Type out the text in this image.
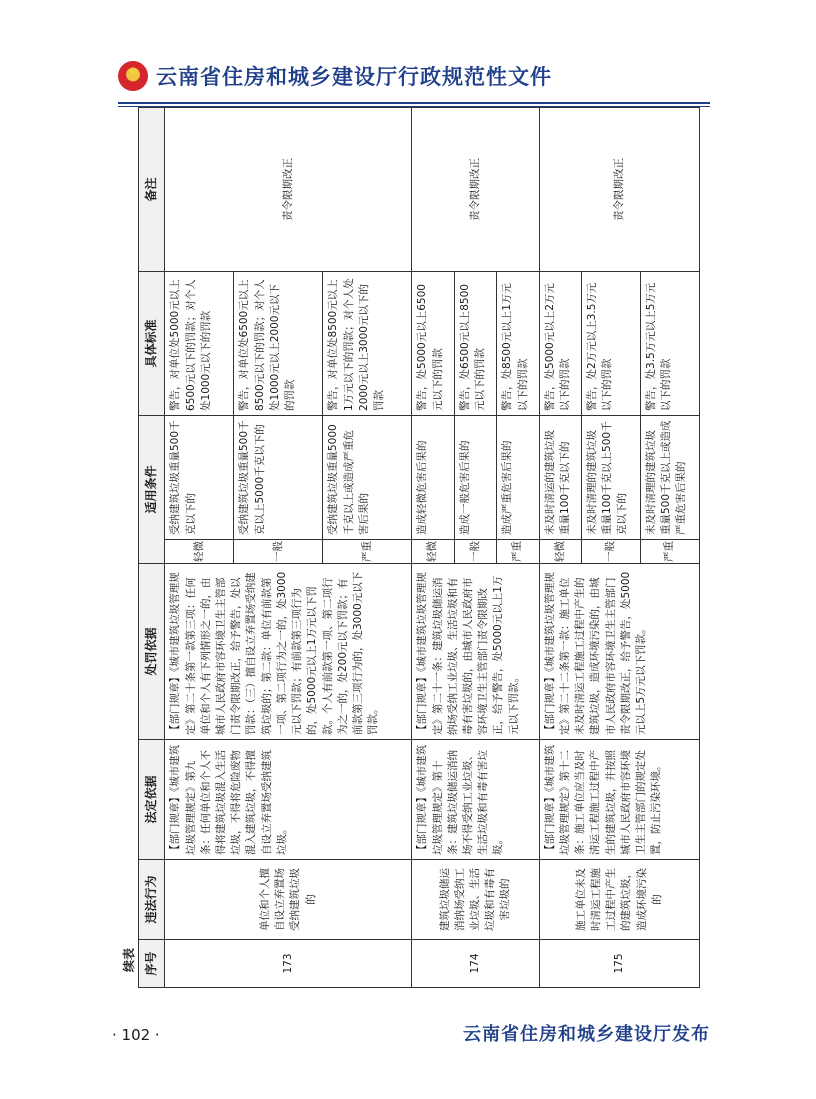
★
云南省住房和城乡建设厅行政规范性文件
续表 序号	违法行为	法定依据	处罚依据	适用条件		具体标准	备注
173	单位和个人擅自设立弃置场受纳建筑垃圾的	【部门规章】《城市建筑垃圾管理规定》第九条：任何单位和个人不得将建筑垃圾混入生活垃圾，不得将危险废物混入建筑垃圾，不得擅自设立弃置场受纳建筑垃圾。	【部门规章】《城市建筑垃圾管理规定》第二十条第一款第三项：任何单位和个人有下列情形之一的，由城市人民政府市容环境卫生主管部门责令限期改正，给予警告，处以罚款：（三）擅自设立弃置场受纳建筑垃圾的；第二款：单位有前款第一项、第二项行为之一的，处3000元以下罚款；有前款第三项行为的，处5000元以上1万元以下罚款。个人有前款第一项、第二项行为之一的，处200元以下罚款；有前款第三项行为的，处3000元以下罚款。	轻微	受纳建筑垃圾重量500千克以下的	警告，对单位处5000元以上6500元以下的罚款；对个人处1000元以下的罚款	责令限期改正
				一般	受纳建筑垃圾重量500千克以上5000千克以下的	警告，对单位处6500元以上8500元以下的罚款；对个人处1000元以上2000元以下的罚款	
				严重	受纳建筑垃圾重量5000千克以上或造成严重危害后果的	警告，对单位处8500元以上1万元以下的罚款；对个人处2000元以上3000元以下的罚款	
174	建筑垃圾储运消纳场受纳工业垃圾、生活垃圾和有毒有害垃圾的	【部门规章】《城市建筑垃圾管理规定》第十条：建筑垃圾储运消纳场不得受纳工业垃圾、生活垃圾和有毒有害垃圾。	【部门规章】《城市建筑垃圾管理规定》第二十一条：建筑垃圾储运消纳场受纳工业垃圾、生活垃圾和有毒有害垃圾的，由城市人民政府市容环境卫生主管部门责令限期改正，给予警告，处5000元以上1万元以下罚款。	轻微	造成轻微危害后果的	警告，处5000元以上6500元以下的罚款	责令限期改正
				一般	造成一般危害后果的	警告，处6500元以上8500元以下的罚款	
				严重	造成严重危害后果的	警告，处8500元以上1万元以下的罚款	
175	施工单位未及时清运工程施工过程中产生的建筑垃圾，造成环境污染的	【部门规章】《城市建筑垃圾管理规定》第十二条：施工单位应当及时清运工程施工过程中产生的建筑垃圾，并按照城市人民政府市容环境卫生主管部门的规定处置，防止污染环境。	【部门规章】《城市建筑垃圾管理规定》第二十二条第一款：施工单位未及时清运工程施工过程中产生的建筑垃圾，造成环境污染的，由城市人民政府市容环境卫生主管部门责令限期改正，给予警告，处5000元以上5万元以下罚款。	轻微	未及时清运的建筑垃圾重量100千克以下的	警告，处5000元以上2万元以下的罚款	责令限期改正
				一般	未及时清理的建筑垃圾重量100千克以上500千克以下的	警告，处2万元以上3.5万元以下的罚款	
				严重	未及时清理的建筑垃圾重量500千克以上或造成严重危害后果的	警告，处3.5万元以上5万元以下的罚款	
· 102 ·	云南省住房和城乡建设厅发布
